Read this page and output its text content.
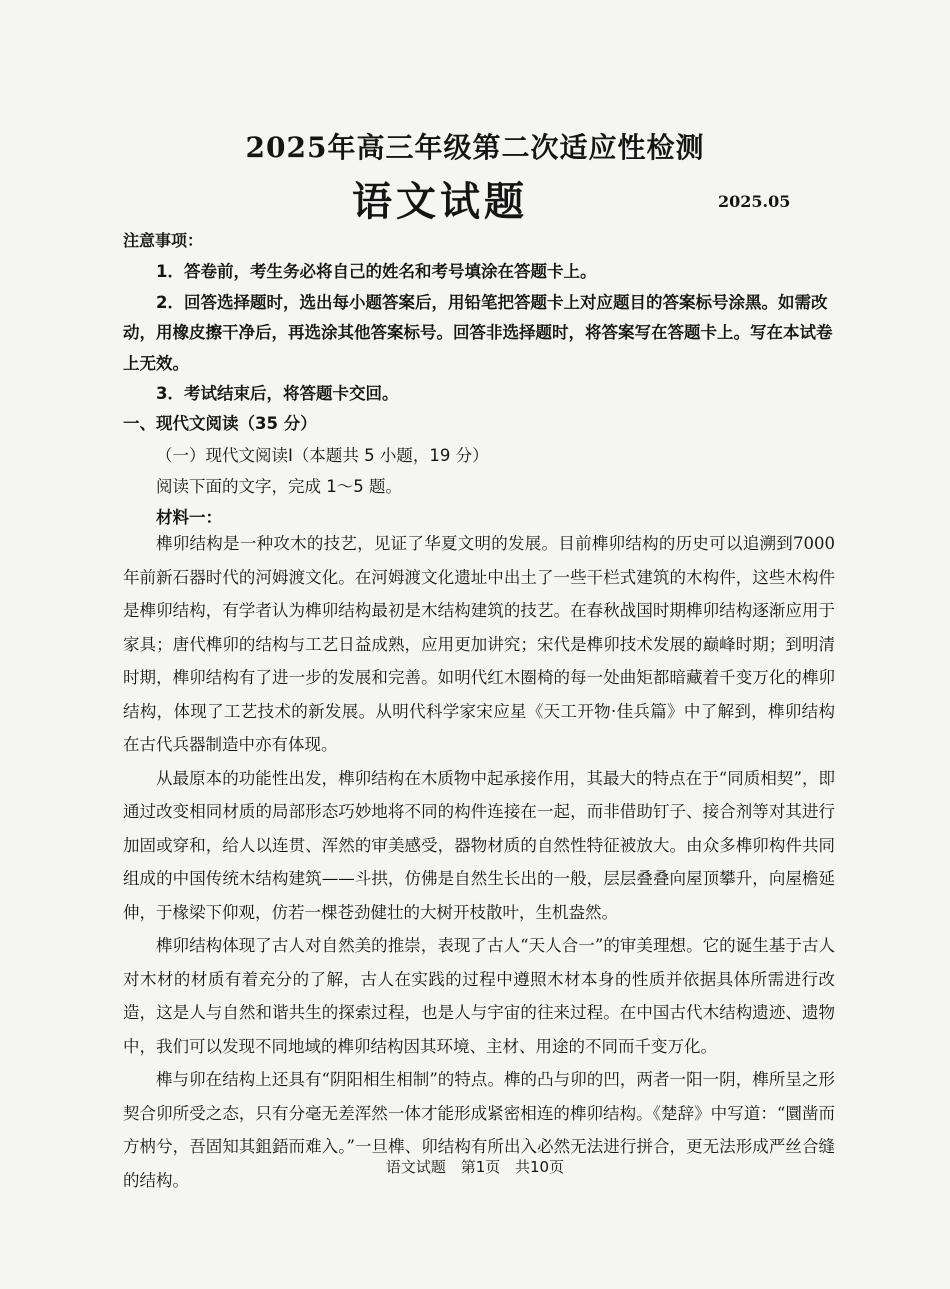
2025年高三年级第二次适应性检测
语文试题	2025.05
注意事项：

1．答卷前，考生务必将自己的姓名和考号填涂在答题卡上。

2．回答选择题时，选出每小题答案后，用铅笔把答题卡上对应题目的答案标号涂黑。如需改动，用橡皮擦干净后，再选涂其他答案标号。回答非选择题时，将答案写在答题卡上。写在本试卷上无效。

3．考试结束后，将答题卡交回。

一、现代文阅读（35 分）
（一）现代文阅读Ⅰ（本题共 5 小题，19 分）
阅读下面的文字，完成 1～5 题。
材料一：

榫卯结构是一种攻木的技艺，见证了华夏文明的发展。目前榫卯结构的历史可以追溯到7000年前新石器时代的河姆渡文化。在河姆渡文化遗址中出土了一些干栏式建筑的木构件，这些木构件是榫卯结构，有学者认为榫卯结构最初是木结构建筑的技艺。在春秋战国时期榫卯结构逐渐应用于家具；唐代榫卯的结构与工艺日益成熟，应用更加讲究；宋代是榫卯技术发展的巅峰时期；到明清时期，榫卯结构有了进一步的发展和完善。如明代红木圈椅的每一处曲矩都暗藏着千变万化的榫卯结构，体现了工艺技术的新发展。从明代科学家宋应星《天工开物·佳兵篇》中了解到，榫卯结构在古代兵器制造中亦有体现。

从最原本的功能性出发，榫卯结构在木质物中起承接作用，其最大的特点在于“同质相契”，即通过改变相同材质的局部形态巧妙地将不同的构件连接在一起，而非借助钉子、接合剂等对其进行加固或穿和，给人以连贯、浑然的审美感受，器物材质的自然性特征被放大。由众多榫卯构件共同组成的中国传统木结构建筑——斗拱，仿佛是自然生长出的一般，层层叠叠向屋顶攀升，向屋檐延伸，于椽梁下仰观，仿若一棵苍劲健壮的大树开枝散叶，生机盎然。

榫卯结构体现了古人对自然美的推崇，表现了古人“天人合一”的审美理想。它的诞生基于古人对木材的材质有着充分的了解，古人在实践的过程中遵照木材本身的性质并依据具体所需进行改造，这是人与自然和谐共生的探索过程，也是人与宇宙的往来过程。在中国古代木结构遗迹、遗物中，我们可以发现不同地域的榫卯结构因其环境、主材、用途的不同而千变万化。

榫与卯在结构上还具有“阴阳相生相制”的特点。榫的凸与卯的凹，两者一阳一阴，榫所呈之形契合卯所受之态，只有分毫无差浑然一体才能形成紧密相连的榫卯结构。《楚辞》中写道：“圜凿而方枘兮，吾固知其鉏鋙而难入。”一旦榫、卯结构有所出入必然无法进行拼合，更无法形成严丝合缝的结构。

语文试题 第1页 共10页
